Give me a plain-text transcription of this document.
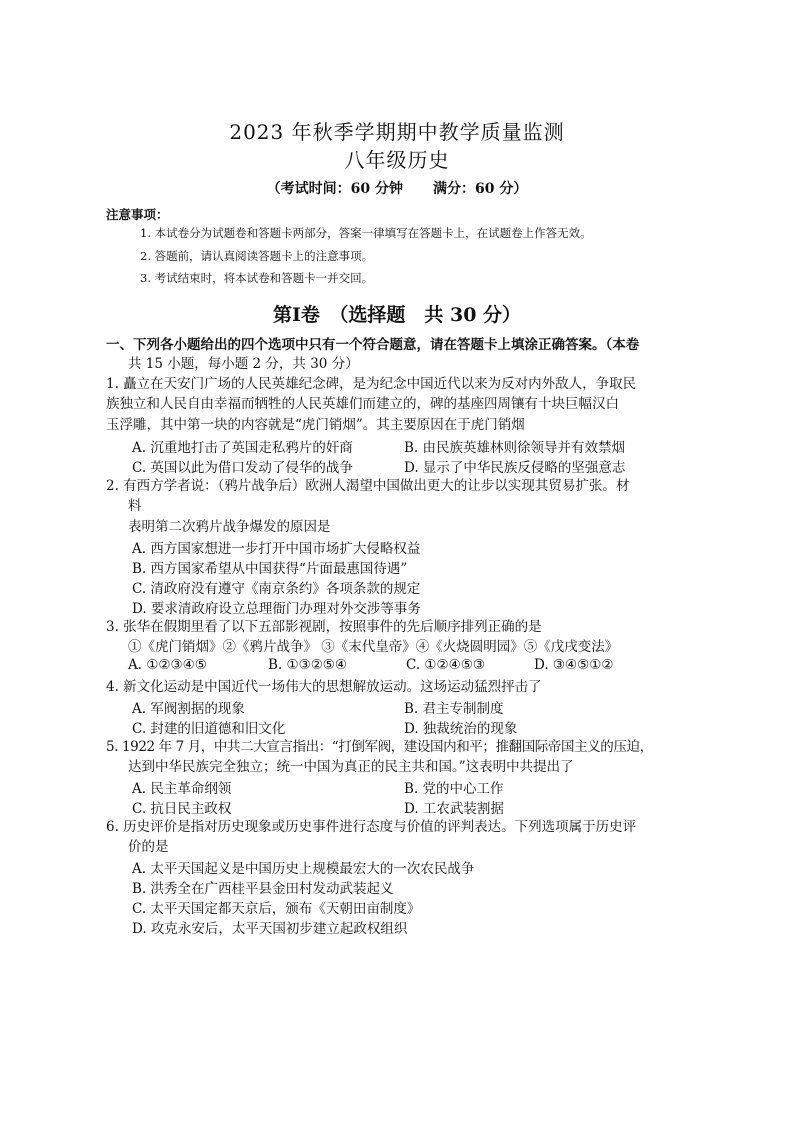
2023 年秋季学期期中教学质量监测
八年级历史
（考试时间：60 分钟 满分：60 分）
注意事项：
1. 本试卷分为试题卷和答题卡两部分，答案一律填写在答题卡上，在试题卷上作答无效。
2. 答题前，请认真阅读答题卡上的注意事项。
3. 考试结束时，将本试卷和答题卡一并交回。
第Ⅰ卷　（选择题　共 30 分）
一、下列各小题给出的四个选项中只有一个符合题意，请在答题卡上填涂正确答案。（本卷
共 15 小题，每小题 2 分，共 30 分）
1. 矗立在天安门广场的人民英雄纪念碑，是为纪念中国近代以来为反对内外敌人，争取民
族独立和人民自由幸福而牺牲的人民英雄们而建立的，碑的基座四周镶有十块巨幅汉白
玉浮雕，其中第一块的内容就是“虎门销烟”。其主要原因在于虎门销烟
A. 沉重地打击了英国走私鸦片的奸商	B. 由民族英雄林则徐领导并有效禁烟
C. 英国以此为借口发动了侵华的战争	D. 显示了中华民族反侵略的坚强意志
2. 有西方学者说：（鸦片战争后）欧洲人渴望中国做出更大的让步以实现其贸易扩张。材
料
表明第二次鸦片战争爆发的原因是
A. 西方国家想进一步打开中国市场扩大侵略权益
B. 西方国家希望从中国获得“片面最惠国待遇”
C. 清政府没有遵守《南京条约》各项条款的规定
D. 要求清政府设立总理衙门办理对外交涉等事务
3. 张华在假期里看了以下五部影视剧，按照事件的先后顺序排列正确的是
①《虎门销烟》②《鸦片战争》 ③《末代皇帝》④《火烧圆明园》⑤《戊戌变法》
A. ①②③④⑤	B. ①③②⑤④	C. ①②④⑤③	D. ③④⑤①②
4. 新文化运动是中国近代一场伟大的思想解放运动。这场运动猛烈抨击了
A. 军阀割据的现象	B. 君主专制制度
C. 封建的旧道德和旧文化	D. 独裁统治的现象
5. 1922 年 7 月，中共二大宣言指出：“打倒军阀，建设国内和平；推翻国际帝国主义的压迫，
达到中华民族完全独立；统一中国为真正的民主共和国。”这表明中共提出了
A. 民主革命纲领	B. 党的中心工作
C. 抗日民主政权	D. 工农武装割据
6. 历史评价是指对历史现象或历史事件进行态度与价值的评判表达。下列选项属于历史评
价的是
A. 太平天国起义是中国历史上规模最宏大的一次农民战争
B. 洪秀全在广西桂平县金田村发动武装起义
C. 太平天国定都天京后，颁布《天朝田亩制度》
D. 攻克永安后，太平天国初步建立起政权组织
